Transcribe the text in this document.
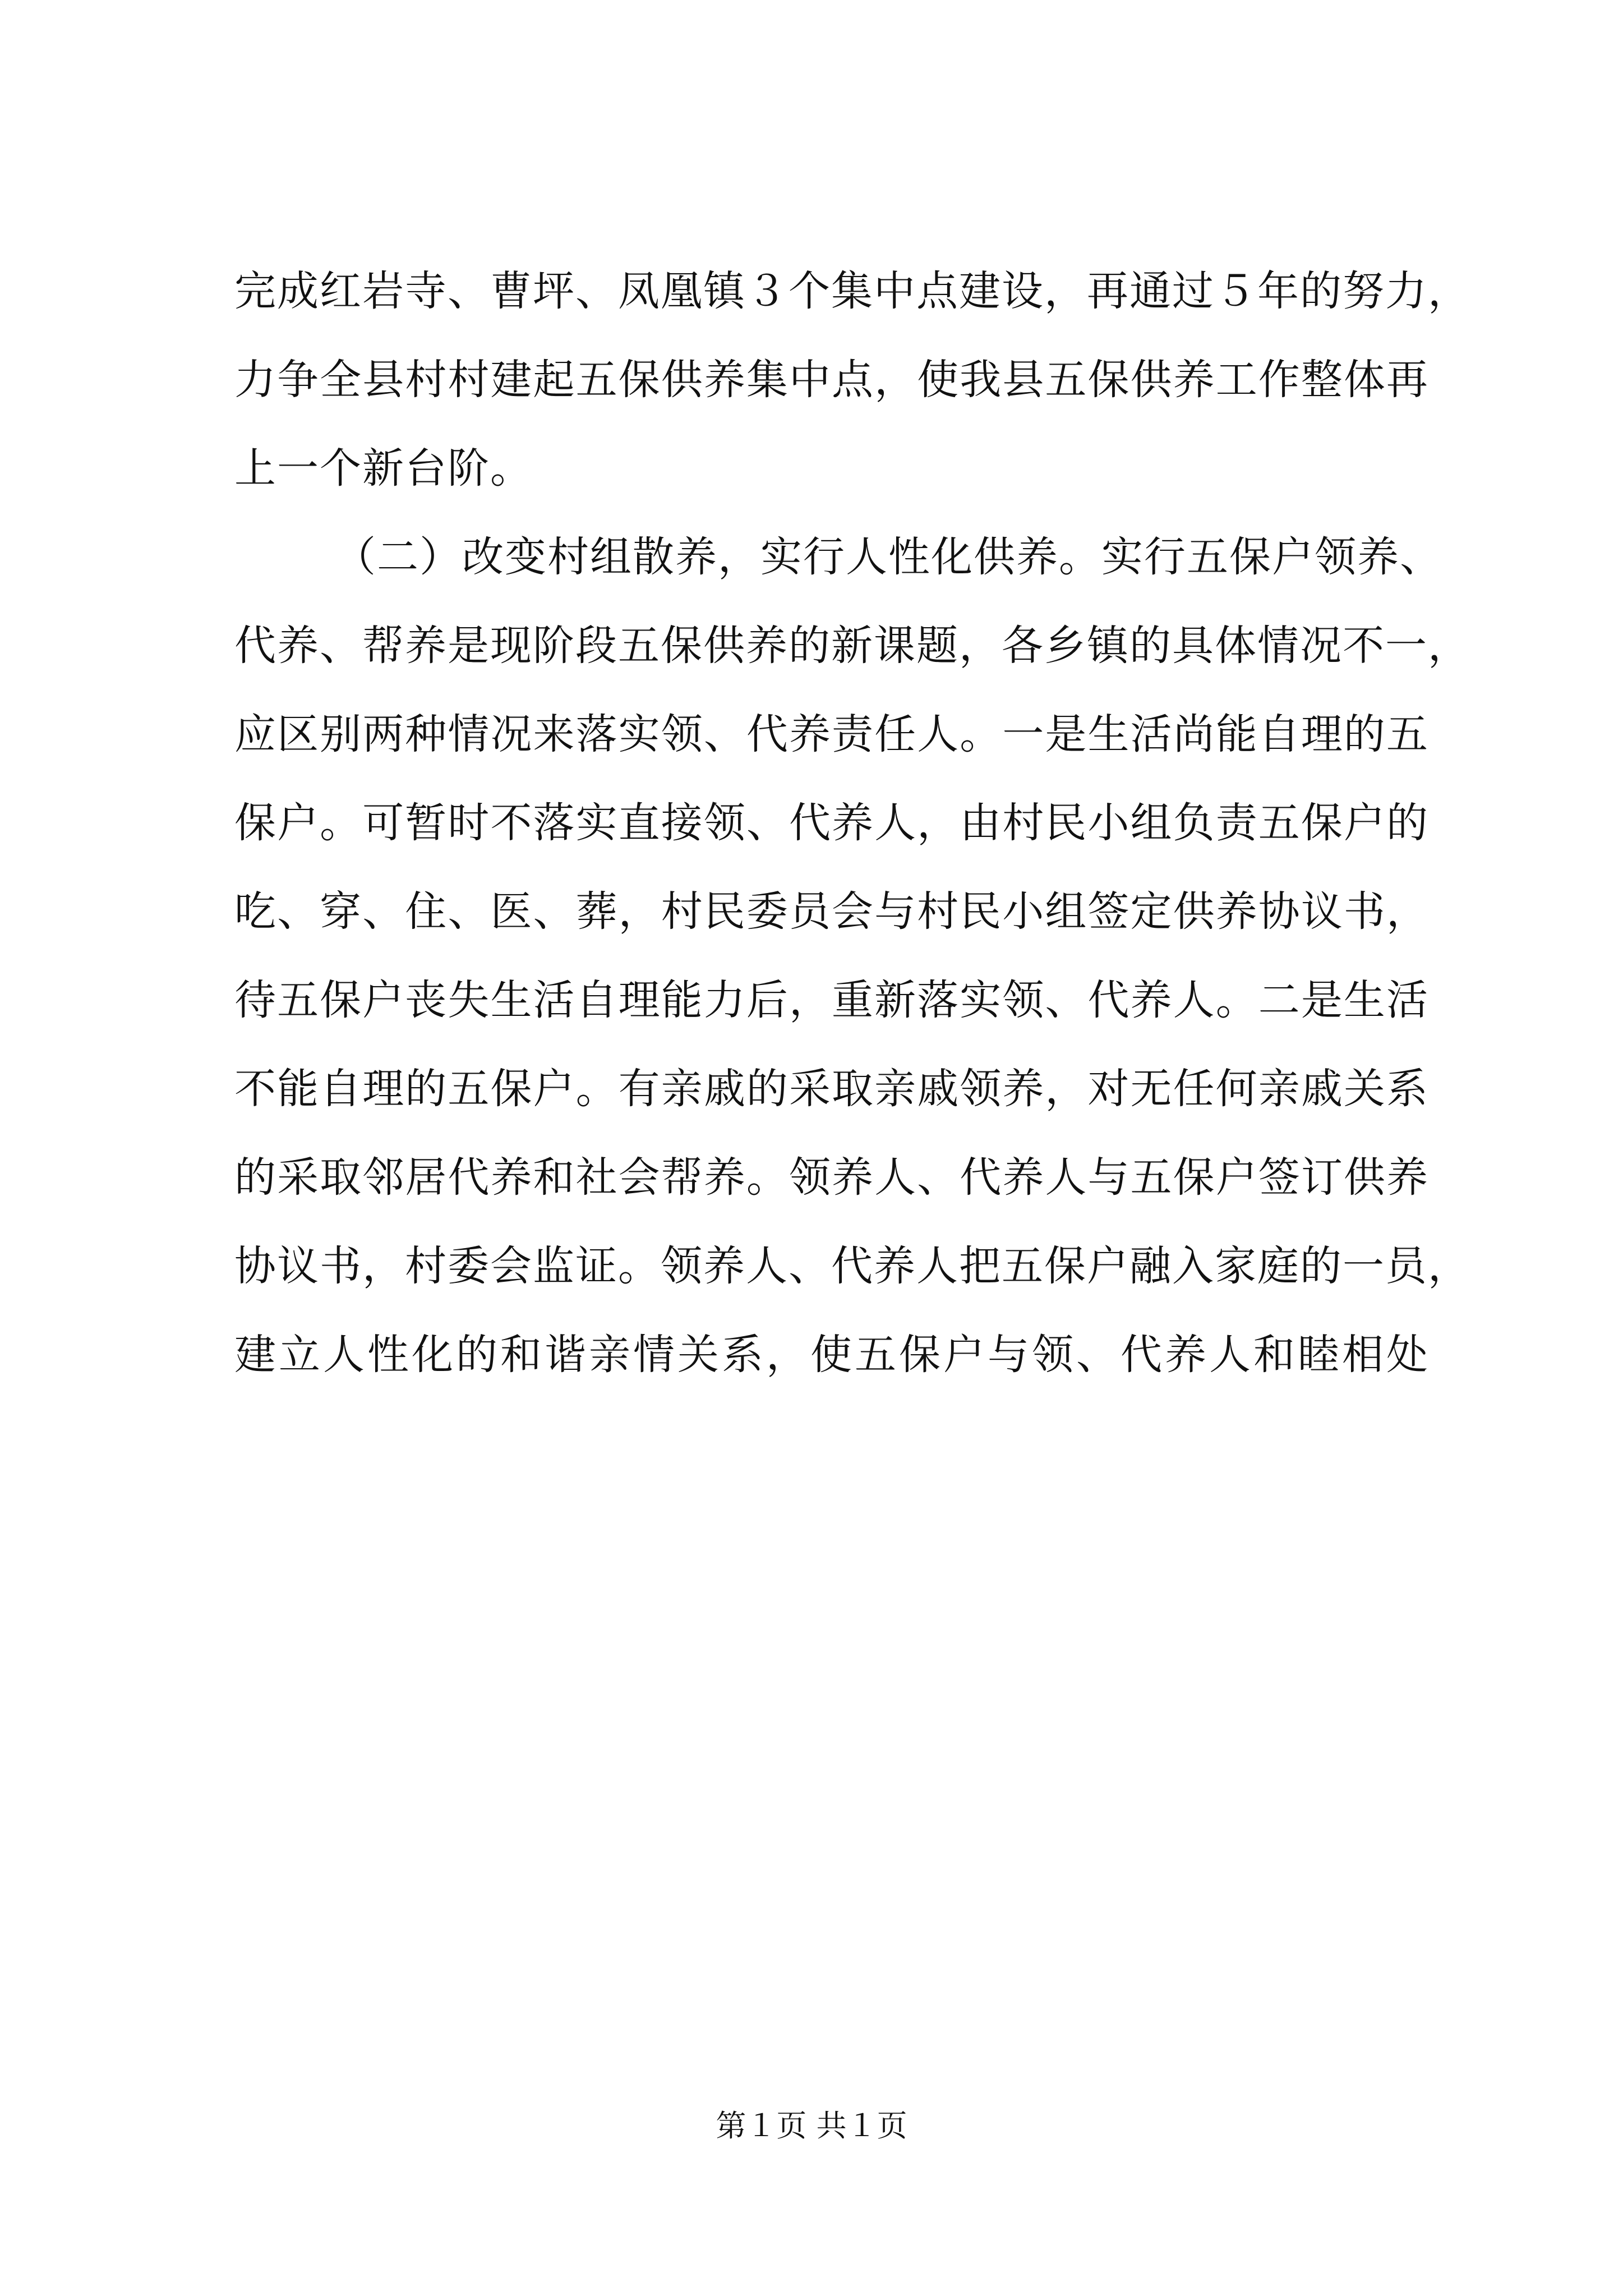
完成红岩寺、曹坪、凤凰镇３个集中点建设，再通过５年的努力，
力争全县村村建起五保供养集中点，使我县五保供养工作整体再
上一个新台阶。
（二）改变村组散养，实行人性化供养。实行五保户领养、
代养、帮养是现阶段五保供养的新课题，各乡镇的具体情况不一，
应区别两种情况来落实领、代养责任人。一是生活尚能自理的五
保户。可暂时不落实直接领、代养人，由村民小组负责五保户的
吃、穿、住、医、葬，村民委员会与村民小组签定供养协议书，
待五保户丧失生活自理能力后，重新落实领、代养人。二是生活
不能自理的五保户。有亲戚的采取亲戚领养，对无任何亲戚关系
的采取邻居代养和社会帮养。领养人、代养人与五保户签订供养
协议书，村委会监证。领养人、代养人把五保户融入家庭的一员，
建立人性化的和谐亲情关系，使五保户与领、代养人和睦相处
第１页 共１页
